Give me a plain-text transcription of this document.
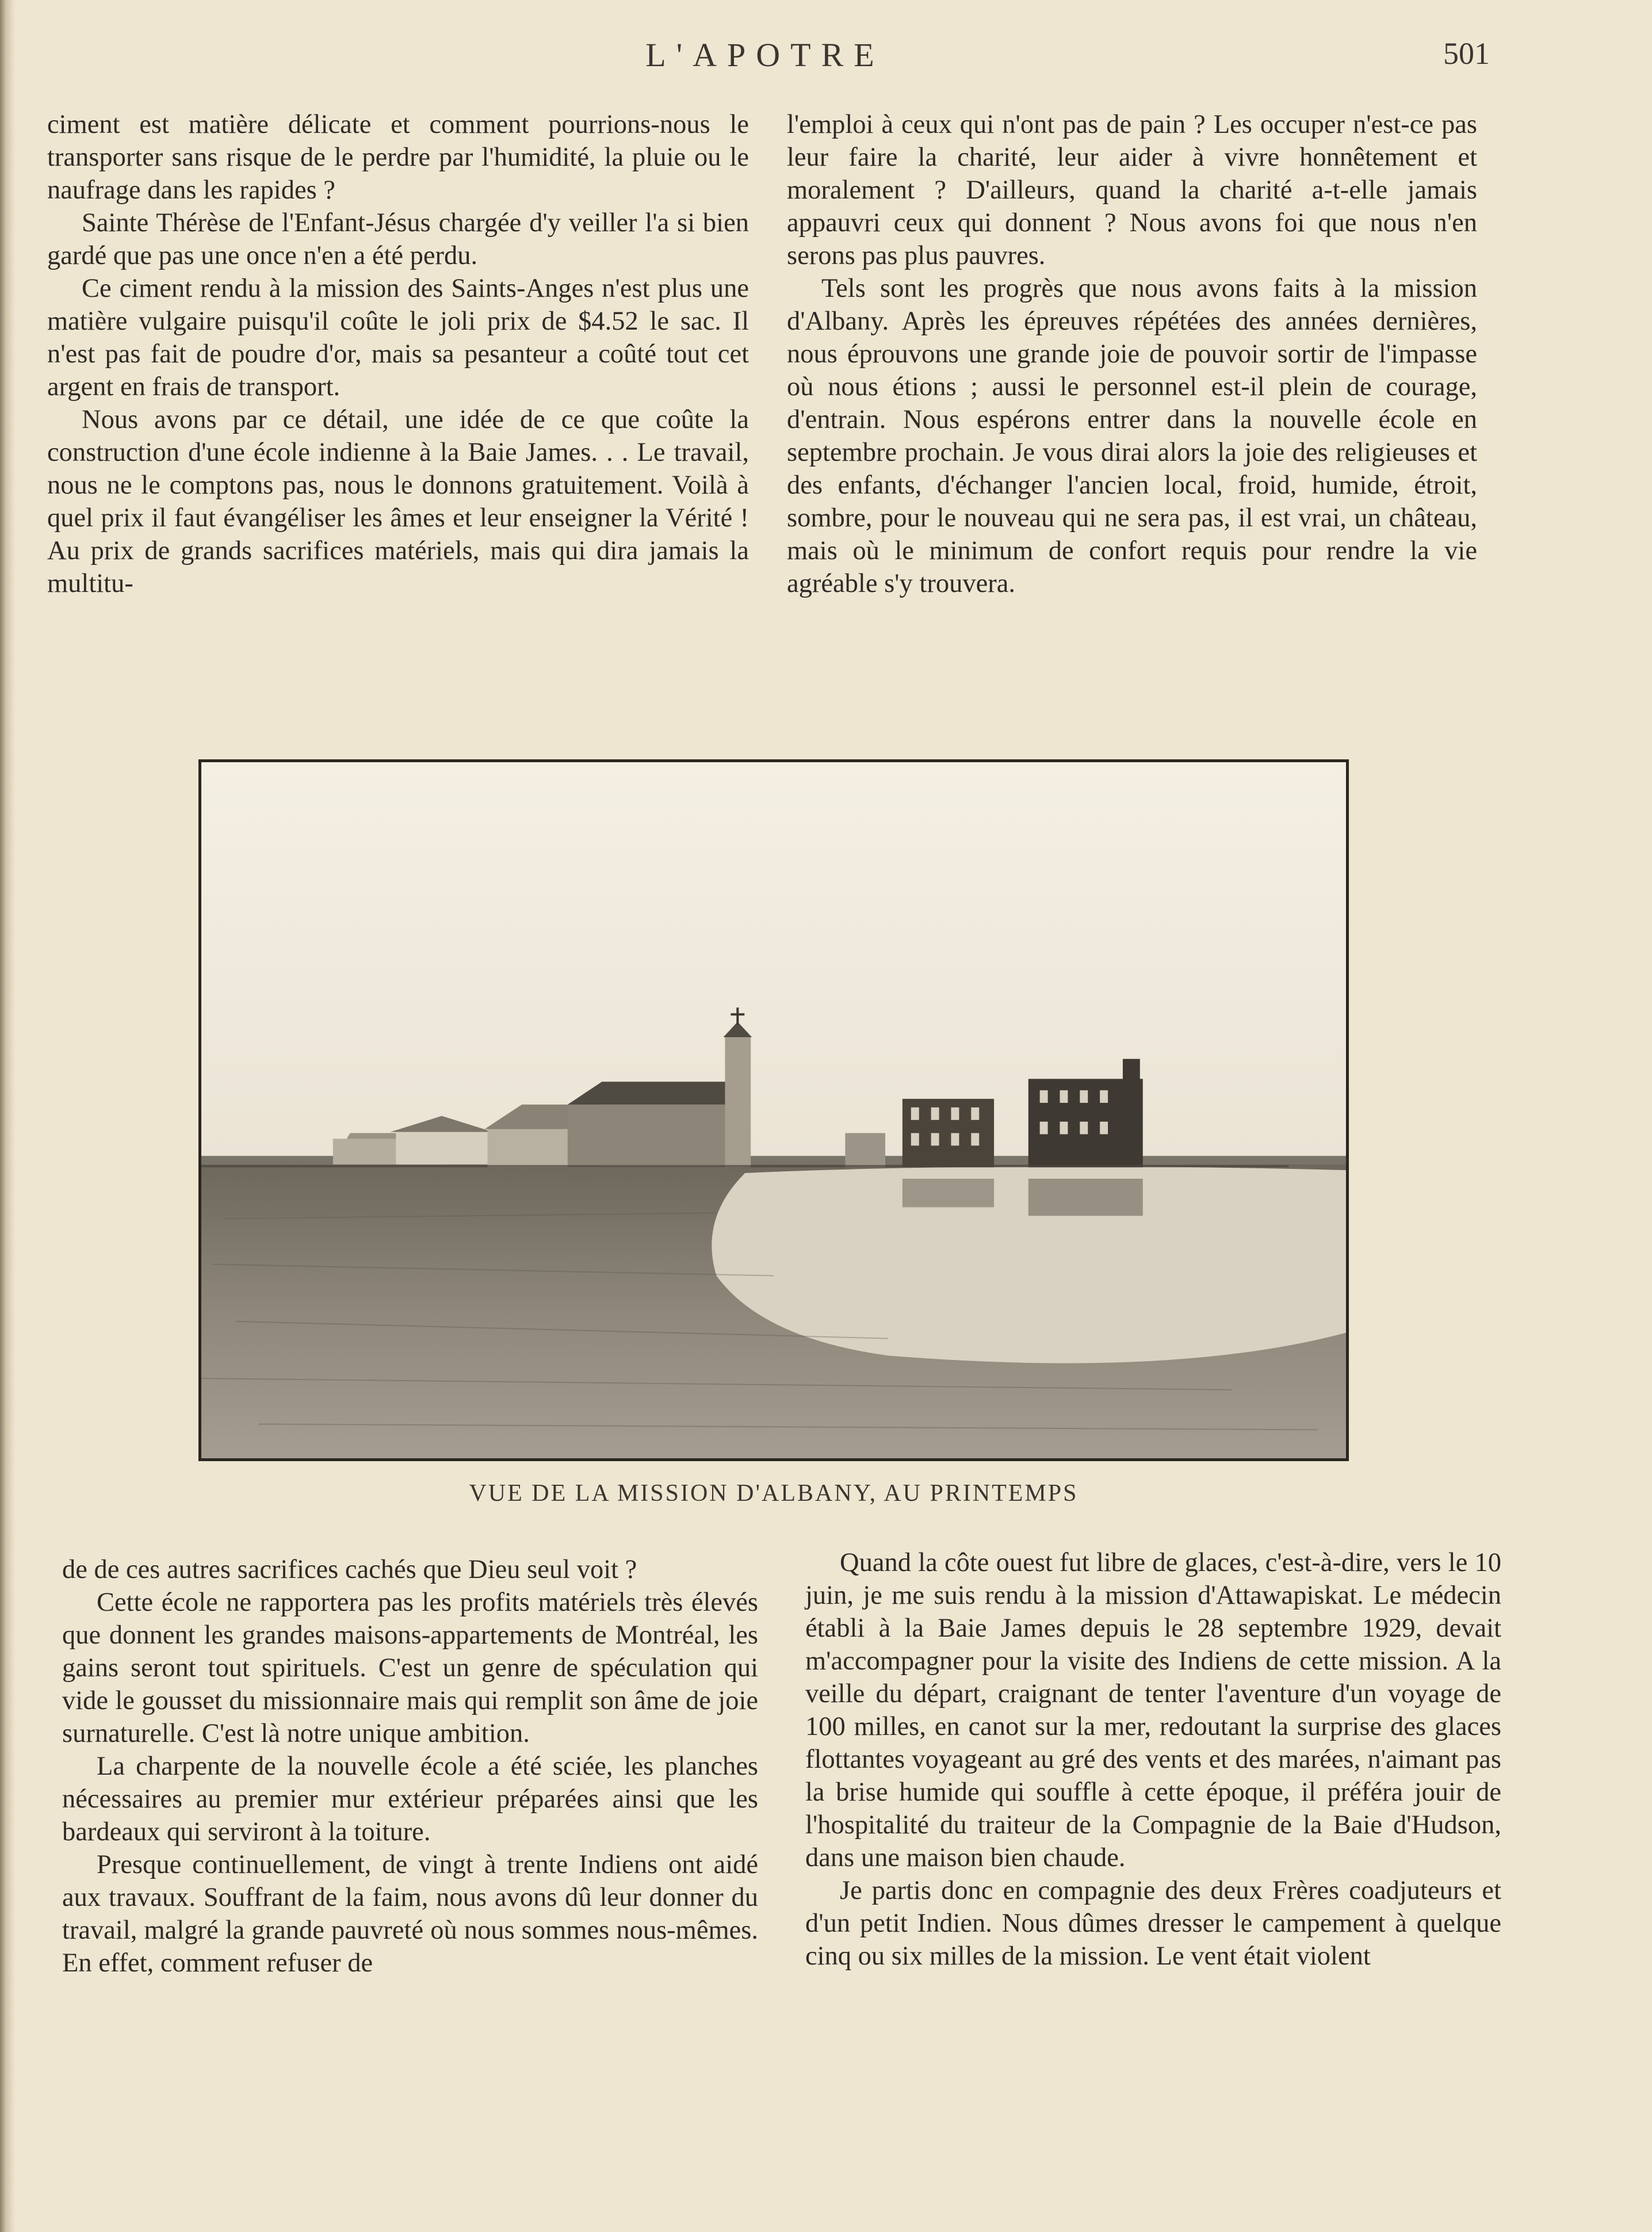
L'APOTRE	501

ciment est matière délicate et comment pourrions-nous le transporter sans risque de le perdre par l'humidité, la pluie ou le naufrage dans les rapides ?

Sainte Thérèse de l'Enfant-Jésus chargée d'y veiller l'a si bien gardé que pas une once n'en a été perdu.

Ce ciment rendu à la mission des Saints-Anges n'est plus une matière vulgaire puisqu'il coûte le joli prix de $4.52 le sac. Il n'est pas fait de poudre d'or, mais sa pesanteur a coûté tout cet argent en frais de transport.

Nous avons par ce détail, une idée de ce que coûte la construction d'une école indienne à la Baie James. . . Le travail, nous ne le comptons pas, nous le donnons gratuitement. Voilà à quel prix il faut évangéliser les âmes et leur enseigner la Vérité ! Au prix de grands sacrifices matériels, mais qui dira jamais la multitu-

l'emploi à ceux qui n'ont pas de pain ? Les occuper n'est-ce pas leur faire la charité, leur aider à vivre honnêtement et moralement ? D'ailleurs, quand la charité a-t-elle jamais appauvri ceux qui donnent ? Nous avons foi que nous n'en serons pas plus pauvres.

Tels sont les progrès que nous avons faits à la mission d'Albany. Après les épreuves répétées des années dernières, nous éprouvons une grande joie de pouvoir sortir de l'impasse où nous étions ; aussi le personnel est-il plein de courage, d'entrain. Nous espérons entrer dans la nouvelle école en septembre prochain. Je vous dirai alors la joie des religieuses et des enfants, d'échanger l'ancien local, froid, humide, étroit, sombre, pour le nouveau qui ne sera pas, il est vrai, un château, mais où le minimum de confort requis pour rendre la vie agréable s'y trouvera.

VUE DE LA MISSION D'ALBANY, AU PRINTEMPS

de de ces autres sacrifices cachés que Dieu seul voit ?

Cette école ne rapportera pas les profits matériels très élevés que donnent les grandes maisons-appartements de Montréal, les gains seront tout spirituels. C'est un genre de spéculation qui vide le gousset du missionnaire mais qui remplit son âme de joie surnaturelle. C'est là notre unique ambition.

La charpente de la nouvelle école a été sciée, les planches nécessaires au premier mur extérieur préparées ainsi que les bardeaux qui serviront à la toiture.

Presque continuellement, de vingt à trente Indiens ont aidé aux travaux. Souffrant de la faim, nous avons dû leur donner du travail, malgré la grande pauvreté où nous sommes nous-mêmes. En effet, comment refuser de

Quand la côte ouest fut libre de glaces, c'est-à-dire, vers le 10 juin, je me suis rendu à la mission d'Attawapiskat. Le médecin établi à la Baie James depuis le 28 septembre 1929, devait m'accompagner pour la visite des Indiens de cette mission. A la veille du départ, craignant de tenter l'aventure d'un voyage de 100 milles, en canot sur la mer, redoutant la surprise des glaces flottantes voyageant au gré des vents et des marées, n'aimant pas la brise humide qui souffle à cette époque, il préféra jouir de l'hospitalité du traiteur de la Compagnie de la Baie d'Hudson, dans une maison bien chaude.

Je partis donc en compagnie des deux Frères coadjuteurs et d'un petit Indien. Nous dûmes dresser le campement à quelque cinq ou six milles de la mission. Le vent était violent
